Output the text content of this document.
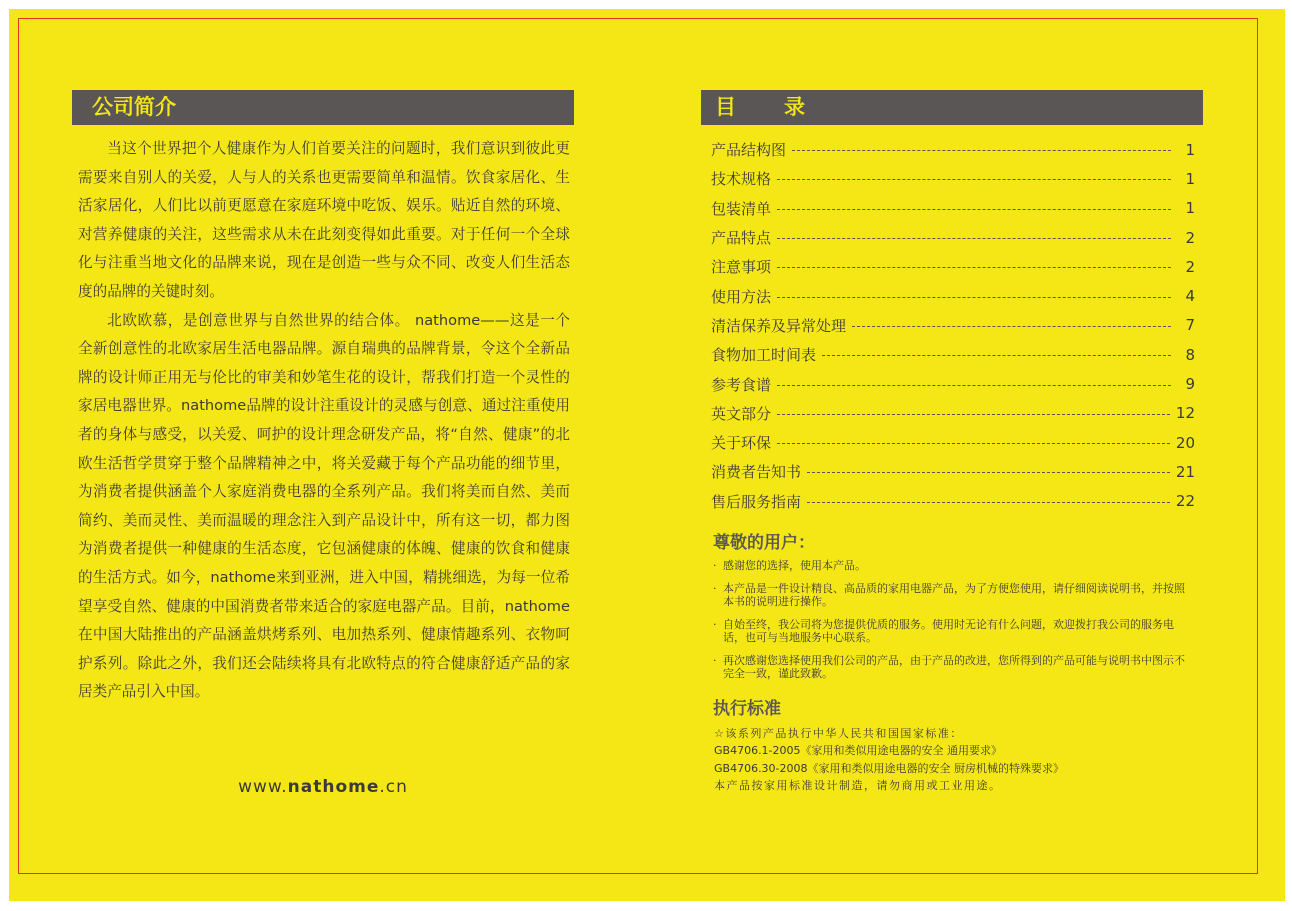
公司简介

当这个世界把个人健康作为人们首要关注的问题时，我们意识到彼此更需要来自别人的关爱，人与人的关系也更需要简单和温情。饮食家居化、生活家居化，人们比以前更愿意在家庭环境中吃饭、娱乐。贴近自然的环境、对营养健康的关注，这些需求从未在此刻变得如此重要。对于任何一个全球化与注重当地文化的品牌来说，现在是创造一些与众不同、改变人们生活态度的品牌的关键时刻。

北欧欧慕，是创意世界与自然世界的结合体。 nathome——这是一个全新创意性的北欧家居生活电器品牌。源自瑞典的品牌背景，令这个全新品牌的设计师正用无与伦比的审美和妙笔生花的设计，帮我们打造一个灵性的家居电器世界。nathome品牌的设计注重设计的灵感与创意、通过注重使用者的身体与感受，以关爱、呵护的设计理念研发产品，将“自然、健康”的北欧生活哲学贯穿于整个品牌精神之中，将关爱藏于每个产品功能的细节里，为消费者提供涵盖个人家庭消费电器的全系列产品。我们将美而自然、美而简约、美而灵性、美而温暖的理念注入到产品设计中，所有这一切，都力图为消费者提供一种健康的生活态度，它包涵健康的体魄、健康的饮食和健康的生活方式。如今，nathome来到亚洲，进入中国，精挑细选，为每一位希望享受自然、健康的中国消费者带来适合的家庭电器产品。目前，nathome在中国大陆推出的产品涵盖烘烤系列、电加热系列、健康情趣系列、衣物呵护系列。除此之外，我们还会陆续将具有北欧特点的符合健康舒适产品的家居类产品引入中国。

www.nathome.cn
目录
产品结构图	1
技术规格	1
包装清单	1
产品特点	2
注意事项	2
使用方法	4
清洁保养及异常处理	7
食物加工时间表	8
参考食谱	9
英文部分	12
关于环保	20
消费者告知书	21
售后服务指南	22
尊敬的用户：
· 感谢您的选择，使用本产品。
· 本产品是一件设计精良、高品质的家用电器产品，为了方便您使用，请仔细阅读说明书，并按照本书的说明进行操作。
· 自始至终，我公司将为您提供优质的服务。使用时无论有什么问题，欢迎拨打我公司的服务电话，也可与当地服务中心联系。
· 再次感谢您选择使用我们公司的产品，由于产品的改进，您所得到的产品可能与说明书中图示不完全一致，谨此致歉。
执行标准
☆该系列产品执行中华人民共和国国家标准：
GB4706.1-2005《家用和类似用途电器的安全 通用要求》
GB4706.30-2008《家用和类似用途电器的安全 厨房机械的特殊要求》
本产品按家用标准设计制造，请勿商用或工业用途。
